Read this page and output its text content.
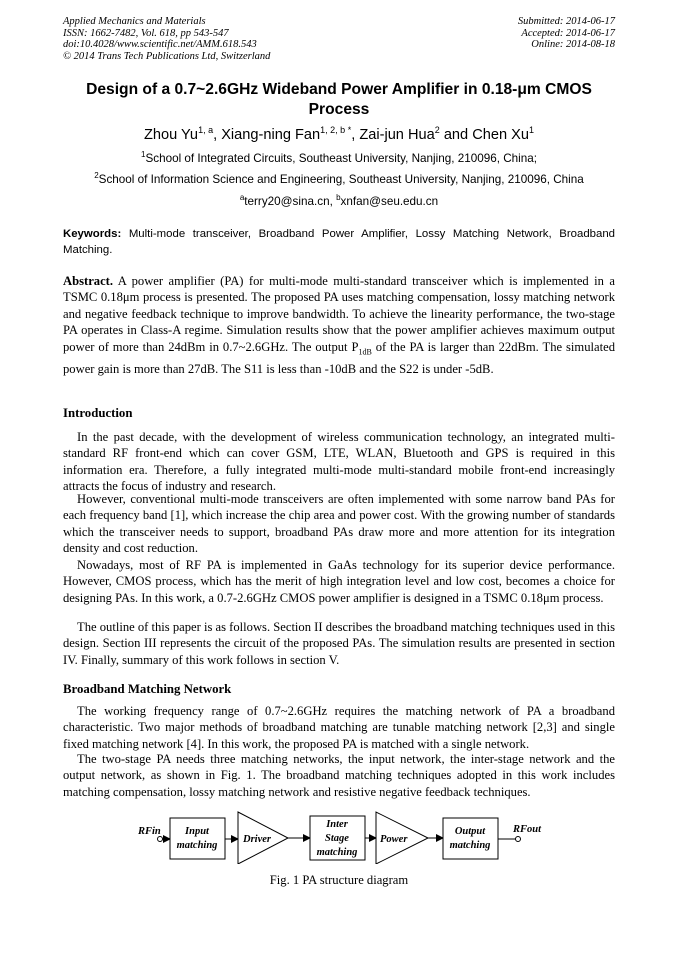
Applied Mechanics and Materials
ISSN: 1662-7482, Vol. 618, pp 543-547
doi:10.4028/www.scientific.net/AMM.618.543
© 2014 Trans Tech Publications Ltd, Switzerland
Submitted: 2014-06-17
Accepted: 2014-06-17
Online: 2014-08-18
Design of a 0.7~2.6GHz Wideband Power Amplifier in 0.18-μm CMOS Process
Zhou Yu$^{1, a}$, Xiang-ning Fan$^{1, 2, b *}$, Zai-jun Hua$^2$ and Chen Xu$^1$
$^1$School of Integrated Circuits, Southeast University, Nanjing, 210096, China;
$^2$School of Information Science and Engineering, Southeast University, Nanjing, 210096, China
$^a$terry20@sina.cn, $^b$xnfan@seu.edu.cn
Keywords: Multi-mode transceiver, Broadband Power Amplifier, Lossy Matching Network, Broadband Matching.
Abstract. A power amplifier (PA) for multi-mode multi-standard transceiver which is implemented in a TSMC 0.18μm process is presented. The proposed PA uses matching compensation, lossy matching network and negative feedback technique to improve bandwidth. To achieve the linearity performance, the two-stage PA operates in Class-A regime. Simulation results show that the power amplifier achieves maximum output power of more than 24dBm in 0.7~2.6GHz. The output $P_{1dB}$ of the PA is larger than 22dBm. The simulated power gain is more than 27dB. The S11 is less than -10dB and the S22 is under -5dB.
Introduction
In the past decade, with the development of wireless communication technology, an integrated multi-standard RF front-end which can cover GSM, LTE, WLAN, Bluetooth and GPS is required in this information era. Therefore, a fully integrated multi-mode multi-standard mobile front-end increasingly attracts the focus of industry and research.
However, conventional multi-mode transceivers are often implemented with some narrow band PAs for each frequency band [1], which increase the chip area and power cost. With the growing number of standards which the transceiver needs to support, broadband PAs draw more and more attention for its integration density and cost reduction.
Nowadays, most of RF PA is implemented in GaAs technology for its superior device performance. However, CMOS process, which has the merit of high integration level and low cost, becomes a choice for designing PAs. In this work, a 0.7-2.6GHz CMOS power amplifier is designed in a TSMC 0.18μm process.
The outline of this paper is as follows. Section II describes the broadband matching techniques used in this design. Section III represents the circuit of the proposed PAs. The simulation results are presented in section IV. Finally, summary of this work follows in section V.
Broadband Matching Network
The working frequency range of 0.7~2.6GHz requires the matching network of PA a broadband characteristic. Two major methods of broadband matching are tunable matching network [2,3] and single fixed matching network [4]. In this work, the proposed PA is matched with a single network.
The two-stage PA needs three matching networks, the input network, the inter-stage network and the output network, as shown in Fig. 1. The broadband matching techniques adopted in this work includes matching compensation, lossy matching network and resistive negative feedback techniques.
RFin Input
matching
Driver
Inter
Stage
matching
Power
Output
matching
RFout
Fig. 1 PA structure diagram
